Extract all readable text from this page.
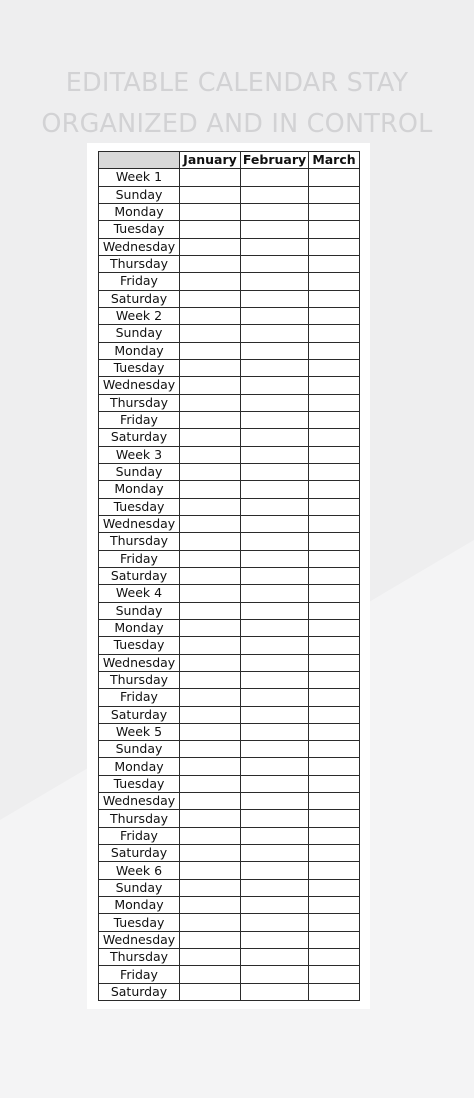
EDITABLE CALENDAR STAY
ORGANIZED AND IN CONTROL
	January	February	March
Week 1			
Sunday			
Monday			
Tuesday			
Wednesday			
Thursday			
Friday			
Saturday			
Week 2			
Sunday			
Monday			
Tuesday			
Wednesday			
Thursday			
Friday			
Saturday			
Week 3			
Sunday			
Monday			
Tuesday			
Wednesday			
Thursday			
Friday			
Saturday			
Week 4			
Sunday			
Monday			
Tuesday			
Wednesday			
Thursday			
Friday			
Saturday			
Week 5			
Sunday			
Monday			
Tuesday			
Wednesday			
Thursday			
Friday			
Saturday			
Week 6			
Sunday			
Monday			
Tuesday			
Wednesday			
Thursday			
Friday			
Saturday			
